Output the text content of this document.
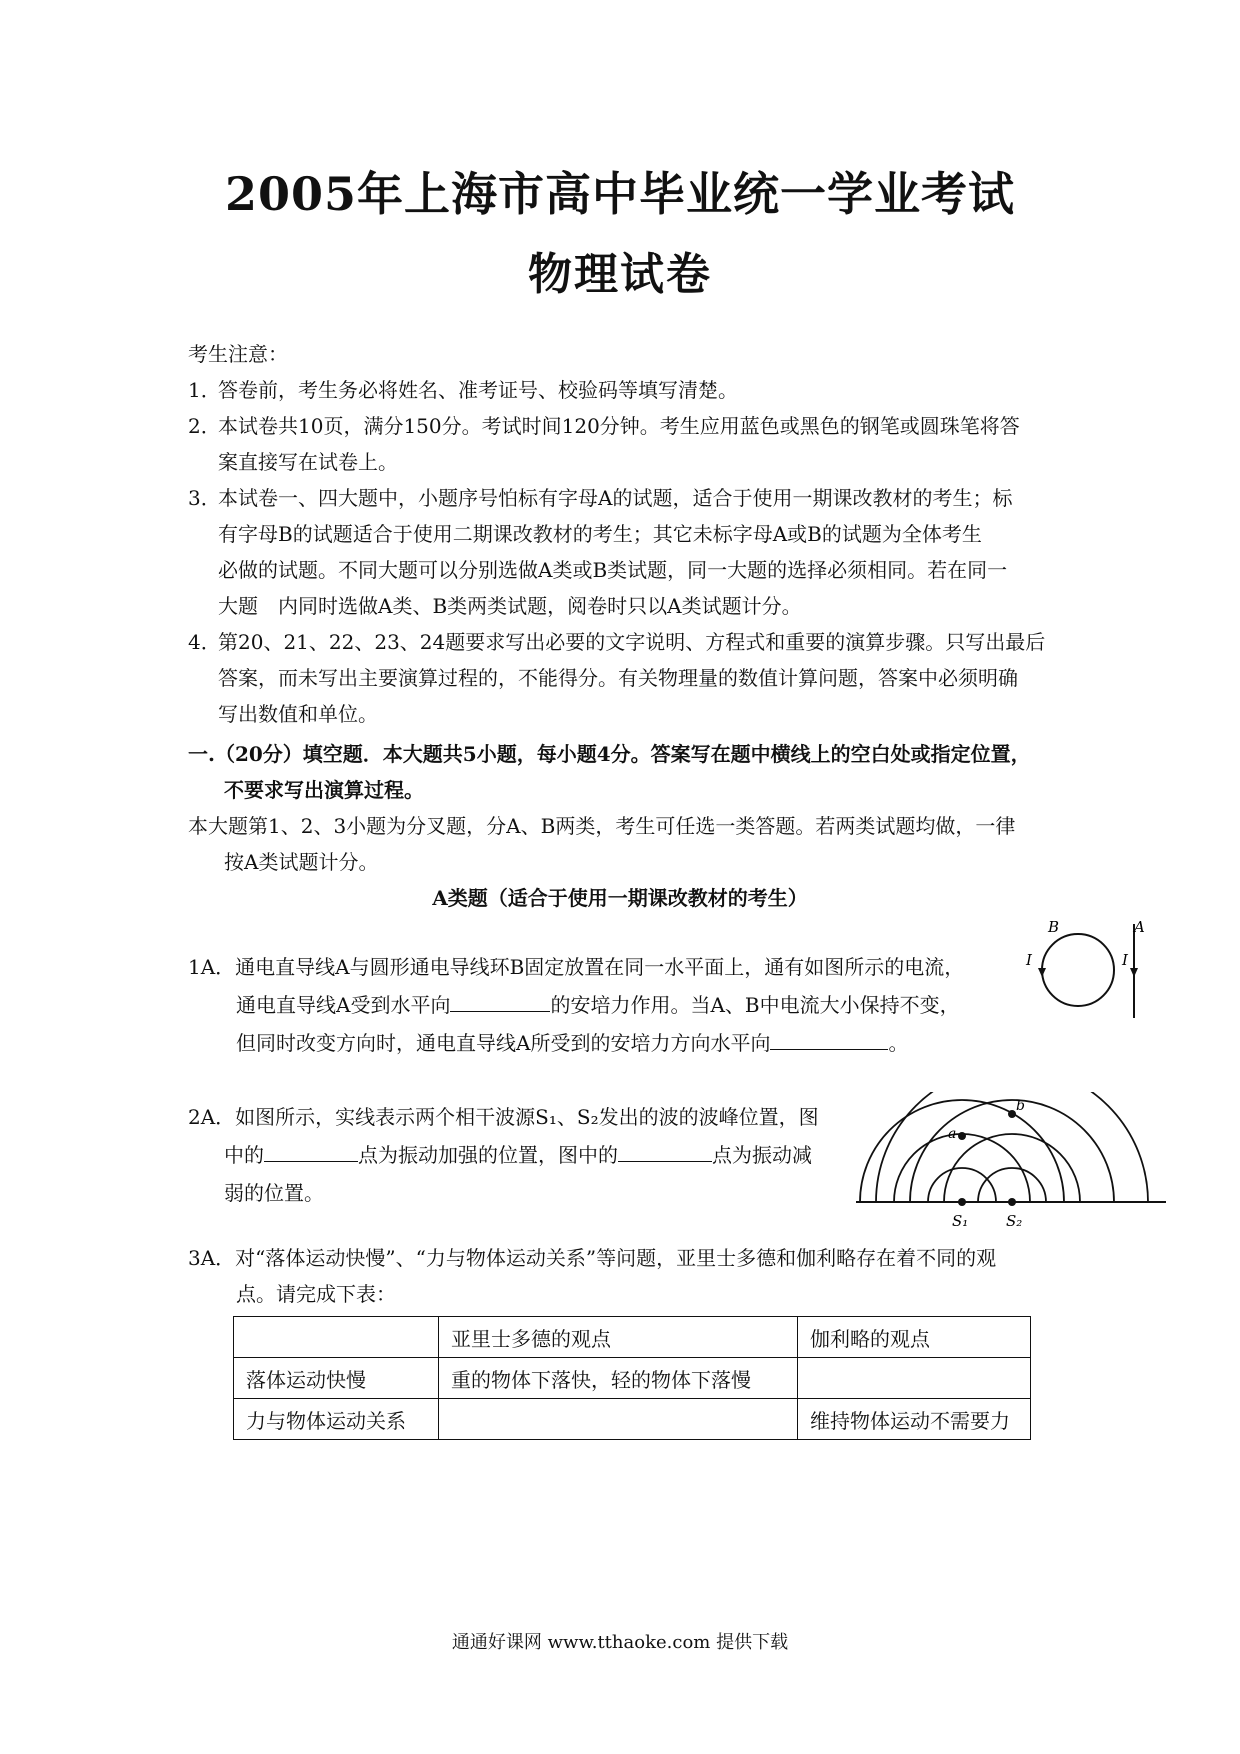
2005年上海市高中毕业统一学业考试
物理试卷
考生注意：
1．
答卷前，考生务必将姓名、准考证号、校验码等填写清楚。
2．
本试卷共10页，满分150分。考试时间120分钟。考生应用蓝色或黑色的钢笔或圆珠笔将答
案直接写在试卷上。
3．
本试卷一、四大题中，小题序号怕标有字母A的试题，适合于使用一期课改教材的考生；标
有字母B的试题适合于使用二期课改教材的考生；其它未标字母A或B的试题为全体考生
必做的试题。不同大题可以分别选做A类或B类试题，同一大题的选择必须相同。若在同一
大题　内同时选做A类、B类两类试题，阅卷时只以A类试题计分。
4．
第20、21、22、23、24题要求写出必要的文字说明、方程式和重要的演算步骤。只写出最后
答案，而未写出主要演算过程的，不能得分。有关物理量的数值计算问题，答案中必须明确
写出数值和单位。
一.（20分）填空题．本大题共5小题，每小题4分。答案写在题中横线上的空白处或指定位置，
不要求写出演算过程。
本大题第1、2、3小题为分叉题，分A、B两类，考生可任选一类答题。若两类试题均做，一律
按A类试题计分。
A类题（适合于使用一期课改教材的考生）
1A．通电直导线A与圆形通电导线环B固定放置在同一水平面上，通有如图所示的电流，
通电直导线A受到水平向	的安培力作用。当A、B中电流大小保持不变，
但同时改变方向时，通电直导线A所受到的安培力方向水平向	。
B	A
I	I
2A．如图所示，实线表示两个相干波源S₁、S₂发出的波的波峰位置，图
中的	点为振动加强的位置，图中的	点为振动减
弱的位置。
b
a
S₁	S₂
3A．对“落体运动快慢”、“力与物体运动关系”等问题，亚里士多德和伽利略存在着不同的观
点。请完成下表：
	亚里士多德的观点	伽利略的观点
落体运动快慢	重的物体下落快，轻的物体下落慢	
力与物体运动关系		维持物体运动不需要力
通通好课网 www.tthaoke.com 提供下载
